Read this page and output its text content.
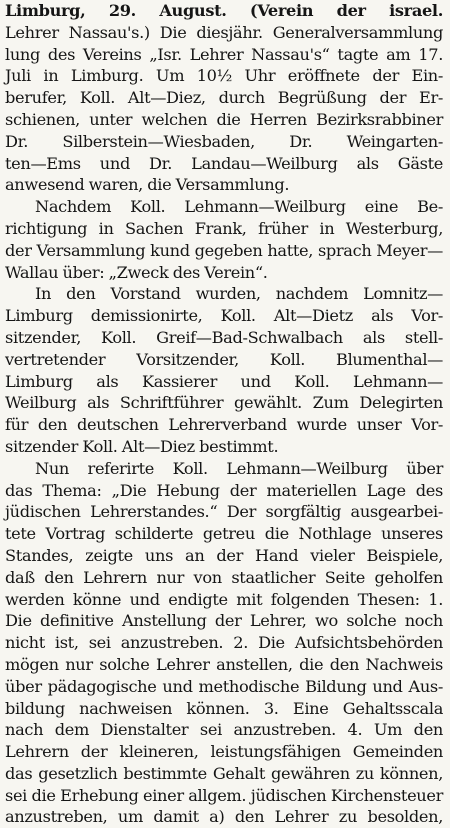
Limburg, 29. August. (Verein der israel.
Lehrer Nassau's.) Die diesjähr. Generalversammlung
lung des Vereins „Isr. Lehrer Nassau's“ tagte am 17.
Juli in Limburg. Um 10½ Uhr eröffnete der Ein-
berufer, Koll. Alt—Diez, durch Begrüßung der Er-
schienen, unter welchen die Herren Bezirksrabbiner
Dr. Silberstein—Wiesbaden, Dr. Weingarten-
ten—Ems und Dr. Landau—Weilburg als Gäste
anwesend waren, die Versammlung.
Nachdem Koll. Lehmann—Weilburg eine Be-
richtigung in Sachen Frank, früher in Westerburg,
der Versammlung kund gegeben hatte, sprach Meyer—
Wallau über: „Zweck des Verein“.
In den Vorstand wurden, nachdem Lomnitz—
Limburg demissionirte, Koll. Alt—Dietz als Vor-
sitzender, Koll. Greif—Bad-Schwalbach als stell-
vertretender Vorsitzender, Koll. Blumenthal—
Limburg als Kassierer und Koll. Lehmann—
Weilburg als Schriftführer gewählt. Zum Delegirten
für den deutschen Lehrerverband wurde unser Vor-
sitzender Koll. Alt—Diez bestimmt.
Nun referirte Koll. Lehmann—Weilburg über
das Thema: „Die Hebung der materiellen Lage des
jüdischen Lehrerstandes.“ Der sorgfältig ausgearbei-
tete Vortrag schilderte getreu die Nothlage unseres
Standes, zeigte uns an der Hand vieler Beispiele,
daß den Lehrern nur von staatlicher Seite geholfen
werden könne und endigte mit folgenden Thesen: 1.
Die definitive Anstellung der Lehrer, wo solche noch
nicht ist, sei anzustreben. 2. Die Aufsichtsbehörden
mögen nur solche Lehrer anstellen, die den Nachweis
über pädagogische und methodische Bildung und Aus-
bildung nachweisen können. 3. Eine Gehaltsscala
nach dem Dienstalter sei anzustreben. 4. Um den
Lehrern der kleineren, leistungsfähigen Gemeinden
das gesetzlich bestimmte Gehalt gewähren zu können,
sei die Erhebung einer allgem. jüdischen Kirchensteuer
anzustreben, um damit a) den Lehrer zu besolden,
